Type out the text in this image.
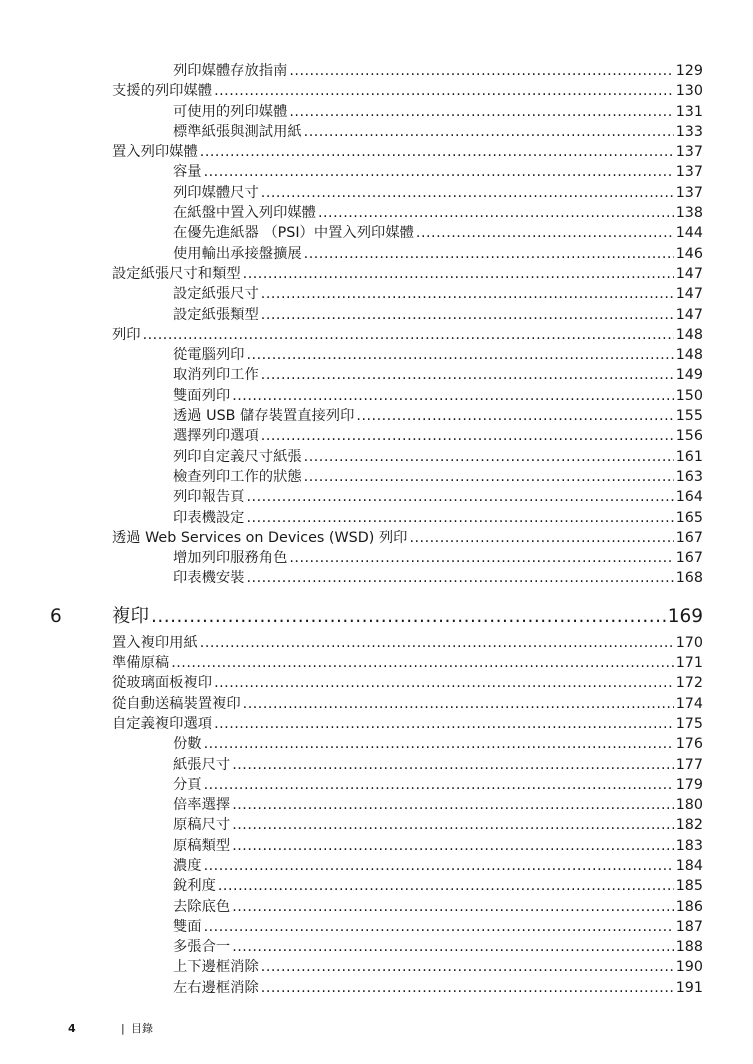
列印媒體存放指南 .....	129
支援的列印媒體 .....	130
可使用的列印媒體 .....	131
標準紙張與測試用紙 .....	133
置入列印媒體 .....	137
容量 .....	137
列印媒體尺寸 .....	137
在紙盤中置入列印媒體 .....	138
在優先進紙器 （PSI）中置入列印媒體 .....	144
使用輸出承接盤擴展 .....	146
設定紙張尺寸和類型 .....	147
設定紙張尺寸 .....	147
設定紙張類型 .....	147
列印 .....	148
從電腦列印 .....	148
取消列印工作 .....	149
雙面列印 .....	150
透過 USB 儲存裝置直接列印 .....	155
選擇列印選項 .....	156
列印自定義尺寸紙張 .....	161
檢查列印工作的狀態 .....	163
列印報告頁 .....	164
印表機設定 .....	165
透過 Web Services on Devices (WSD) 列印 .....	167
增加列印服務角色 .....	167
印表機安裝 .....	168
6	複印 .....	169
置入複印用紙 .....	170
準備原稿 .....	171
從玻璃面板複印 .....	172
從自動送稿裝置複印 .....	174
自定義複印選項 .....	175
份數 .....	176
紙張尺寸 .....	177
分頁 .....	179
倍率選擇 .....	180
原稿尺寸 .....	182
原稿類型 .....	183
濃度 .....	184
銳利度 .....	185
去除底色 .....	186
雙面 .....	187
多張合一 .....	188
上下邊框消除 .....	190
左右邊框消除 .....	191
4	| 目錄
